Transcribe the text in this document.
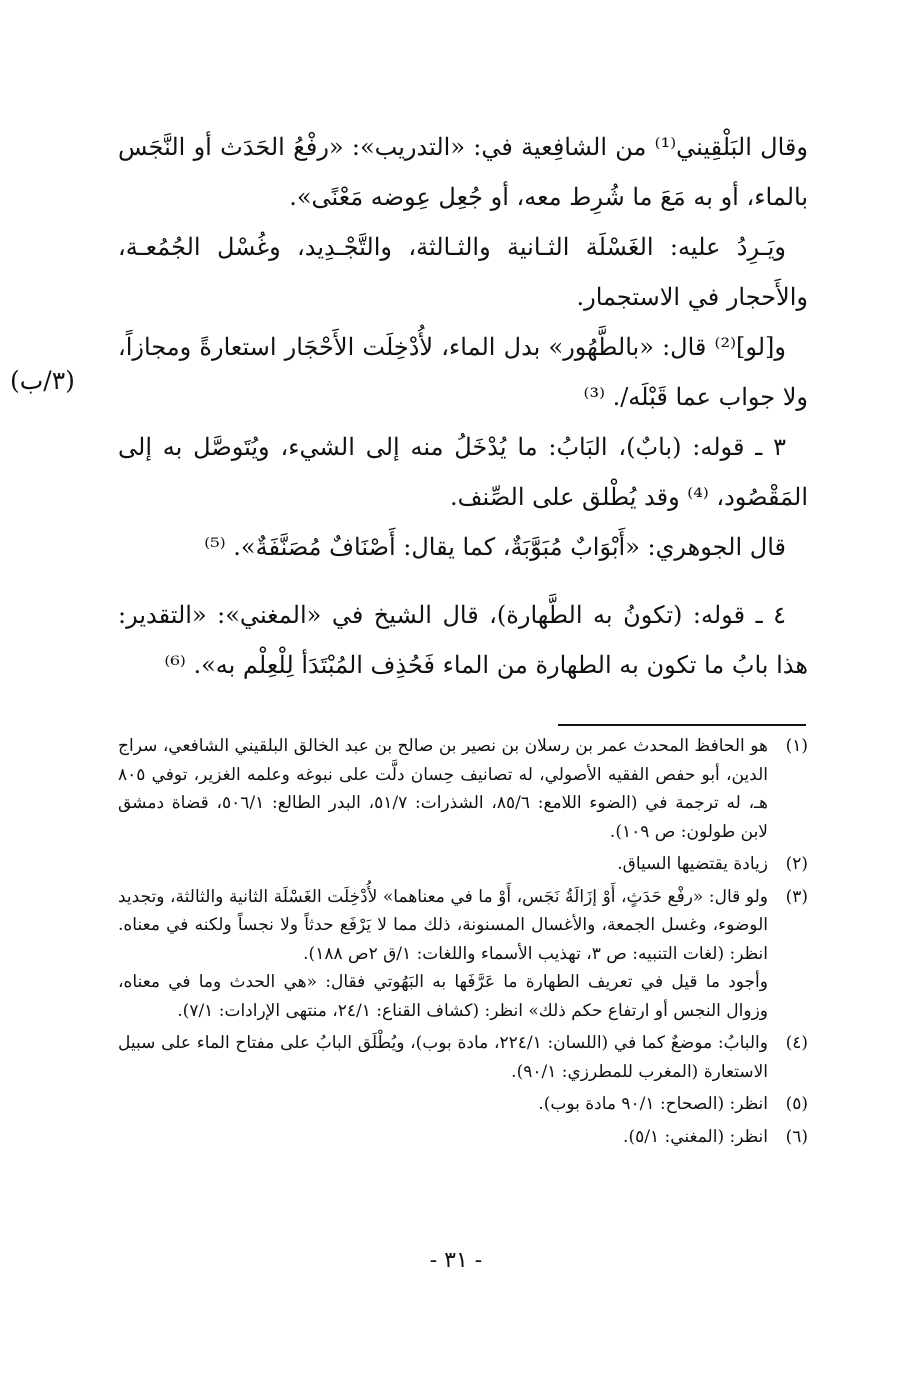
(٣/ب)

وقال البَلْقِيني⁽¹⁾ من الشافِعية في: «التدريب»: «رفْعُ الحَدَث أو النَّجَس بالماء، أو به مَعَ ما شُرِط معه، أو جُعِل عِوضه مَعْنًى».

ويَـرِدُ عليه: الغَسْلَة الثـانية والثـالثة، والتَّجْـدِيد، وغُسْل الجُمُعـة، والأَحجار في الاستجمار.

و[لو]⁽²⁾ قال: «بالطَّهُور» بدل الماء، لأُدْخِلَت الأَحْجَار استعارةً ومجازاً، ولا جواب عما قَبْلَه/. ⁽³⁾

٣ ـ قوله: (بابٌ)، البَابُ: ما يُدْخَلُ منه إلى الشيء، ويُتَوصَّل به إلى المَقْصُود، ⁽⁴⁾ وقد يُطْلق على الصِّنف.

قال الجوهري: «أَبْوَابٌ مُبَوَّبَةٌ، كما يقال: أَصْنَافٌ مُصَنَّفَةٌ». ⁽⁵⁾

٤ ـ قوله: (تكونُ به الطَّهارة)، قال الشيخ في «المغني»: «التقدير: هذا بابُ ما تكون به الطهارة من الماء فَحُذِف المُبْتَدَأ لِلْعِلْم به». ⁽⁶⁾

(١)

هو الحافظ المحدث عمر بن رسلان بن نصير بن صالح بن عبد الخالق البلقيني الشافعي، سراج الدين، أبو حفص الفقيه الأصولي، له تصانيف حِسان دلَّت على نبوغه وعلمه الغزير، توفي ٨٠٥ هـ، له ترجمة في (الضوء اللامع: ٨٥/٦، الشذرات: ٥١/٧، البدر الطالع: ٥٠٦/١، قضاة دمشق لابن طولون: ص ١٠٩).

(٢)

زيادة يقتضيها السياق.

(٣)

ولو قال: «رفْع حَدَثٍ، أَوْ إزَالَةُ نَجَس، أَوْ ما في معناهما» لأُدْخِلَت الغَسْلَة الثانية والثالثة، وتجديد الوضوء، وغسل الجمعة، والأغسال المسنونة، ذلك مما لا يَرْفَع حدثاً ولا نجساً ولكنه في معناه. انظر: (لغات التنبيه: ص ٣، تهذيب الأسماء واللغات: ١/ق ٢ص ١٨٨).

وأجود ما قيل في تعريف الطهارة ما عَرَّفَها به البَهُوتي فقال: «هي الحدث وما في معناه، وزوال النجس أو ارتفاع حكم ذلك» انظر: (كشاف القناع: ٢٤/١، منتهى الإرادات: ٧/١).

(٤)

والبابُ: موضعٌ كما في (اللسان: ٢٢٤/١، مادة بوب)، ويُطْلَق البابُ على مفتاح الماء على سبيل الاستعارة (المغرب للمطرزي: ٩٠/١).

(٥)

انظر: (الصحاح: ٩٠/١ مادة بوب).

(٦)

انظر: (المغني: ٥/١).

- ٣١ -
